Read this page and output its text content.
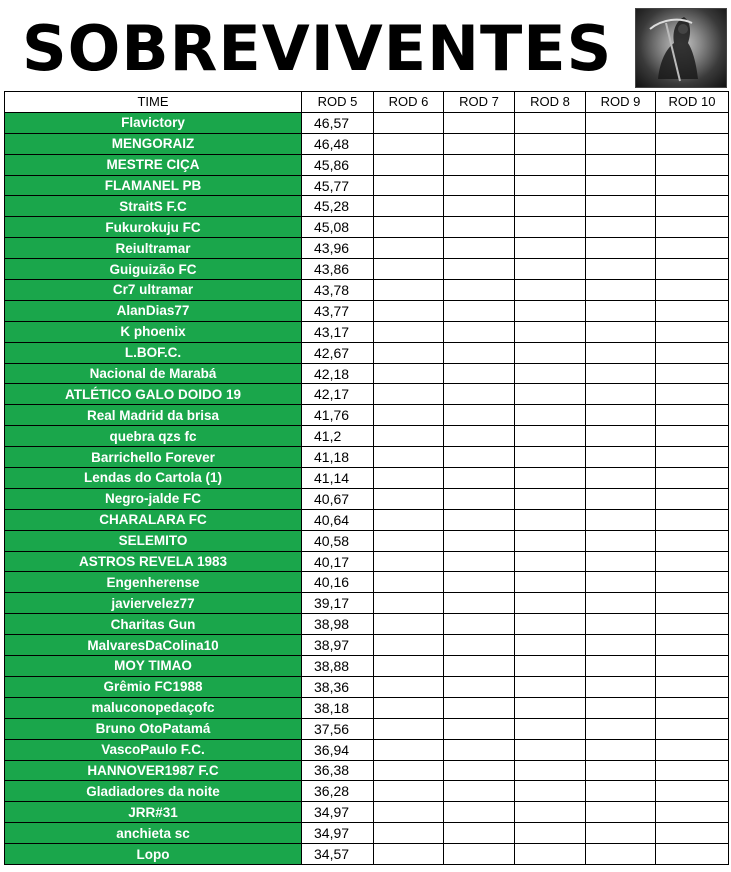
SOBREVIVENTES
TIME	ROD 5	ROD 6	ROD 7	ROD 8	ROD 9	ROD 10
Flavictory	46,57					
MENGORAIZ	46,48					
MESTRE CIÇA	45,86					
FLAMANEL PB	45,77					
StraitS F.C	45,28					
Fukurokuju FC	45,08					
Reiultramar	43,96					
Guiguizão FC	43,86					
Cr7 ultramar	43,78					
AlanDias77	43,77					
K phoenix	43,17					
L.BOF.C.	42,67					
Nacional de Marabá	42,18					
ATLÉTICO GALO DOIDO 19	42,17					
Real Madrid da brisa	41,76					
quebra qzs fc	41,2					
Barrichello Forever	41,18					
Lendas do Cartola (1)	41,14					
Negro-jalde FC	40,67					
CHARALARA FC	40,64					
SELEMITO	40,58					
ASTROS REVELA 1983	40,17					
Engenherense	40,16					
javiervelez77	39,17					
Charitas Gun	38,98					
MalvaresDaColina10	38,97					
MOY TIMAO	38,88					
Grêmio FC1988	38,36					
maluconopedaçofc	38,18					
Bruno OtoPatamá	37,56					
VascoPaulo F.C.	36,94					
HANNOVER1987 F.C	36,38					
Gladiadores da noite	36,28					
JRR#31	34,97					
anchieta sc	34,97					
Lopo	34,57					
